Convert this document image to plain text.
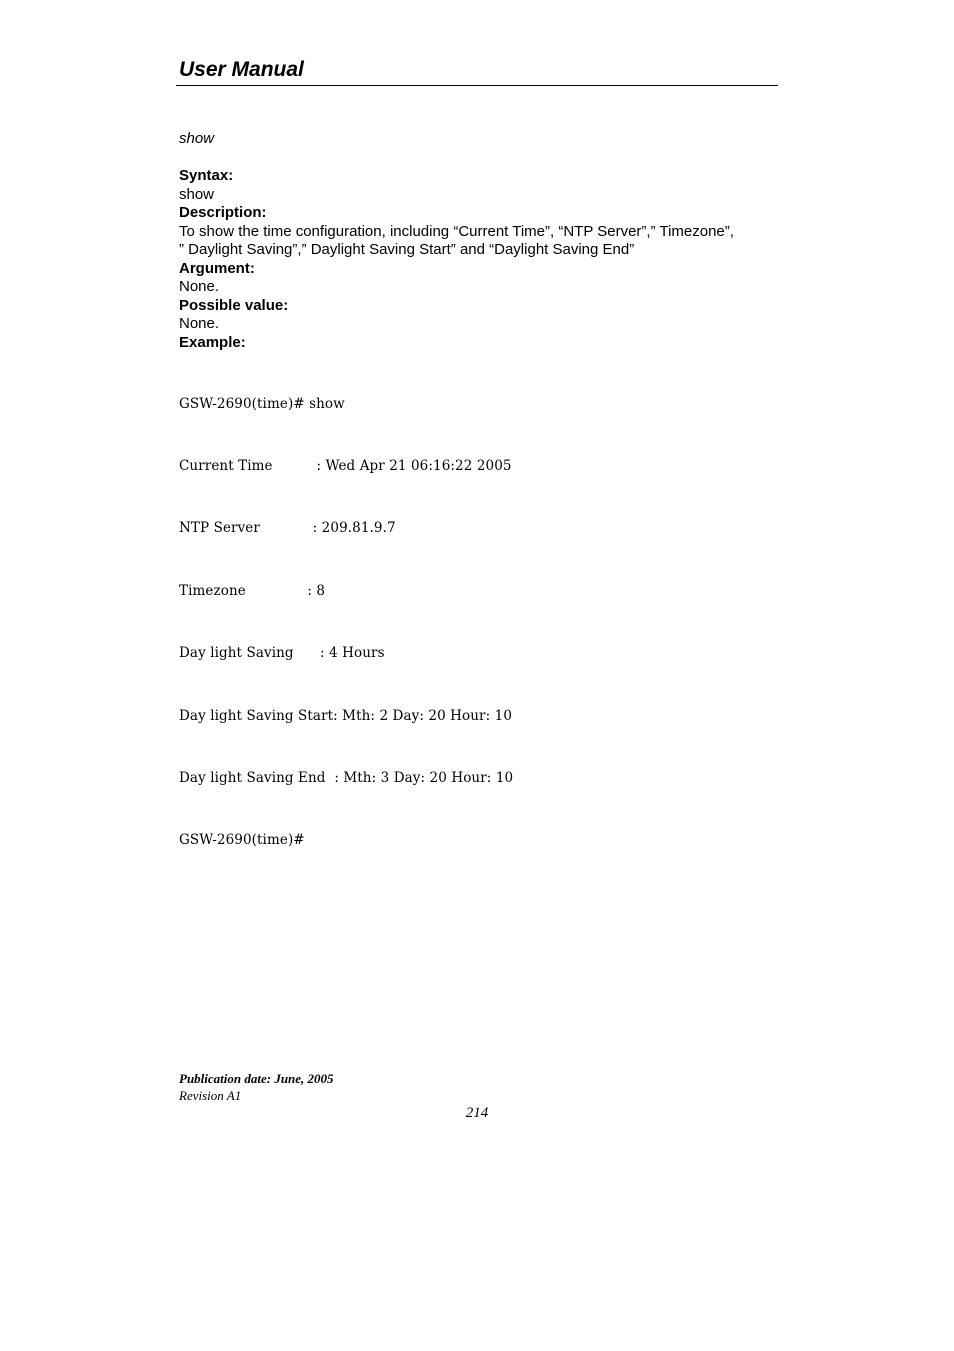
User Manual
show
Syntax:
show
Description:
To show the time configuration, including “Current Time”, “NTP Server”,” Timezone”,
” Daylight Saving”,” Daylight Saving Start” and “Daylight Saving End”
Argument:
None.
Possible value:
None.
Example:

GSW-2690(time)# show

Current Time          : Wed Apr 21 06:16:22 2005

NTP Server            : 209.81.9.7

Timezone              : 8

Day light Saving      : 4 Hours

Day light Saving Start: Mth: 2 Day: 20 Hour: 10

Day light Saving End  : Mth: 3 Day: 20 Hour: 10

GSW-2690(time)#

Publication date: June, 2005
Revision A1
214
